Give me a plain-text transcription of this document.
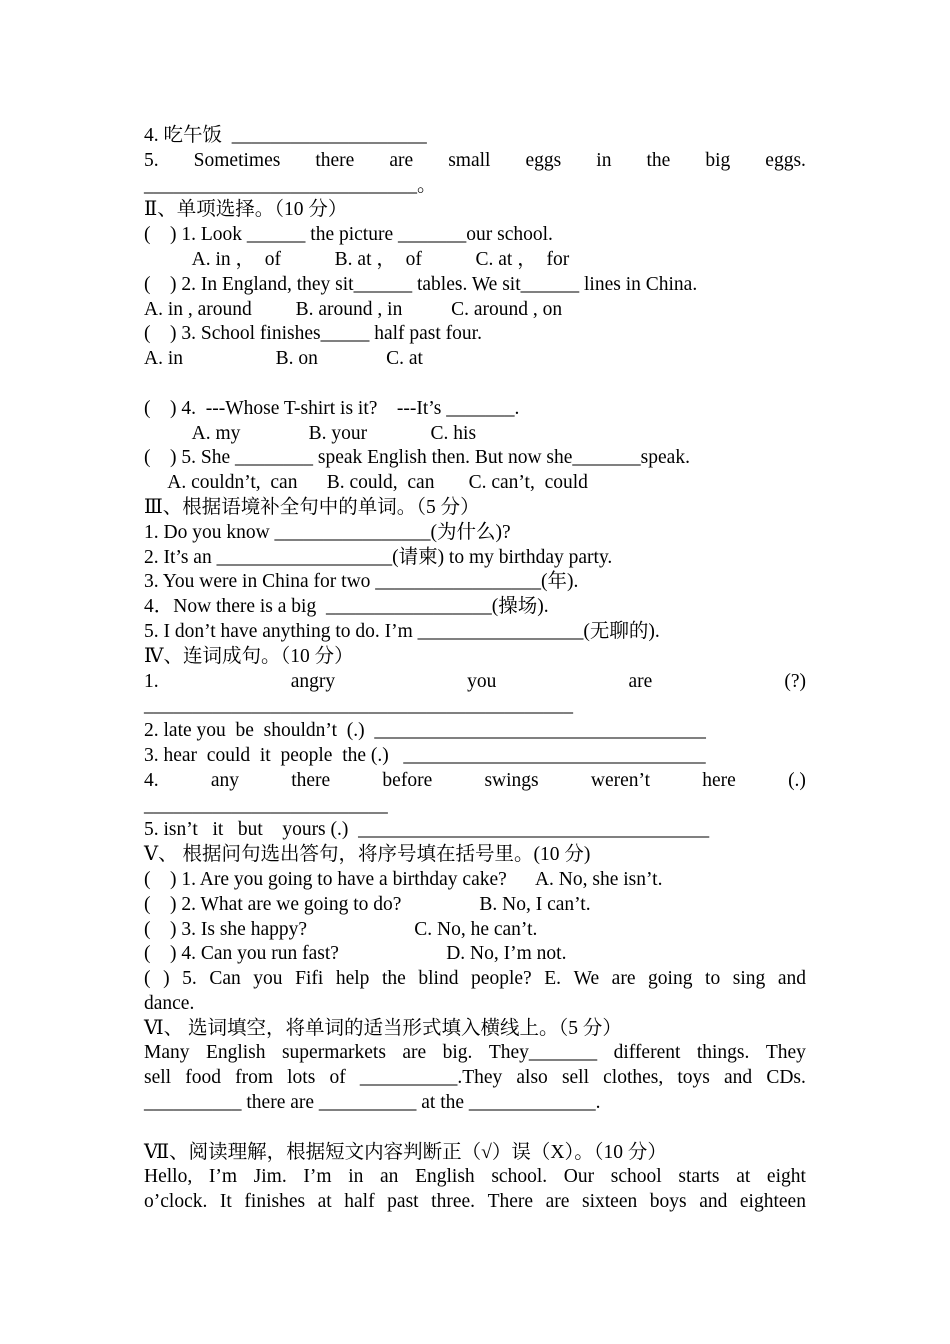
4. 吃午饭  ____________________
5. Sometimes there are small eggs in the big eggs.
____________________________。
Ⅱ、单项选择。（10 分）
(    ) 1. Look ______ the picture _______our school.
A. in ，  of           B. at ，  of           C. at ，  for
(    ) 2. In England, they sit______ tables. We sit______ lines in China.
A. in , around         B. around , in          C. around , on
(    ) 3. School finishes_____ half past four.
A. in                   B. on              C. at
(    ) 4.  ---Whose T-shirt is it?    ---It’s _______.
A. my              B. your             C. his
(    ) 5. She ________ speak English then. But now she_______speak.
A. couldn’t,  can      B. could,  can       C. can’t,  could
Ⅲ、根据语境补全句中的单词。（5 分）
1. Do you know ________________(为什么)?
2. It’s an __________________(请柬) to my birthday party.
3. You were in China for two _________________(年).
4．Now there is a big  _________________(操场).
5. I don’t have anything to do. I’m _________________(无聊的).
Ⅳ、连词成句。（10 分）
1.	angry	you	are	(?)
____________________________________________
2. late you  be  shouldn’t  (.)  __________________________________
3. hear  could  it  people  the (.)   _______________________________
4.	any	there	before	swings	weren’t	here	(.)
_________________________
5. isn’t   it   but    yours (.)  ____________________________________
Ⅴ、 根据问句选出答句，将序号填在括号里。(10 分)
(    ) 1. Are you going to have a birthday cake?      A. No, she isn’t.
(    ) 2. What are we going to do?                B. No, I can’t.
(    ) 3. Is she happy?                      C. No, he can’t.
(    ) 4. Can you run fast?                      D. No, I’m not.
( ) 5. Can you Fifi help the blind people? E. We are going to sing and
dance.
Ⅵ、 选词填空，将单词的适当形式填入横线上。（5 分）
Many English supermarkets are big. They_______ different things. They
sell food from lots of __________.They also sell clothes, toys and CDs.
__________ there are __________ at the _____________.
Ⅶ、阅读理解，根据短文内容判断正（√）误（X）。（10 分）
Hello, I’m Jim. I’m in an English school. Our school starts at eight
o’clock. It finishes at half past three. There are sixteen boys and eighteen
